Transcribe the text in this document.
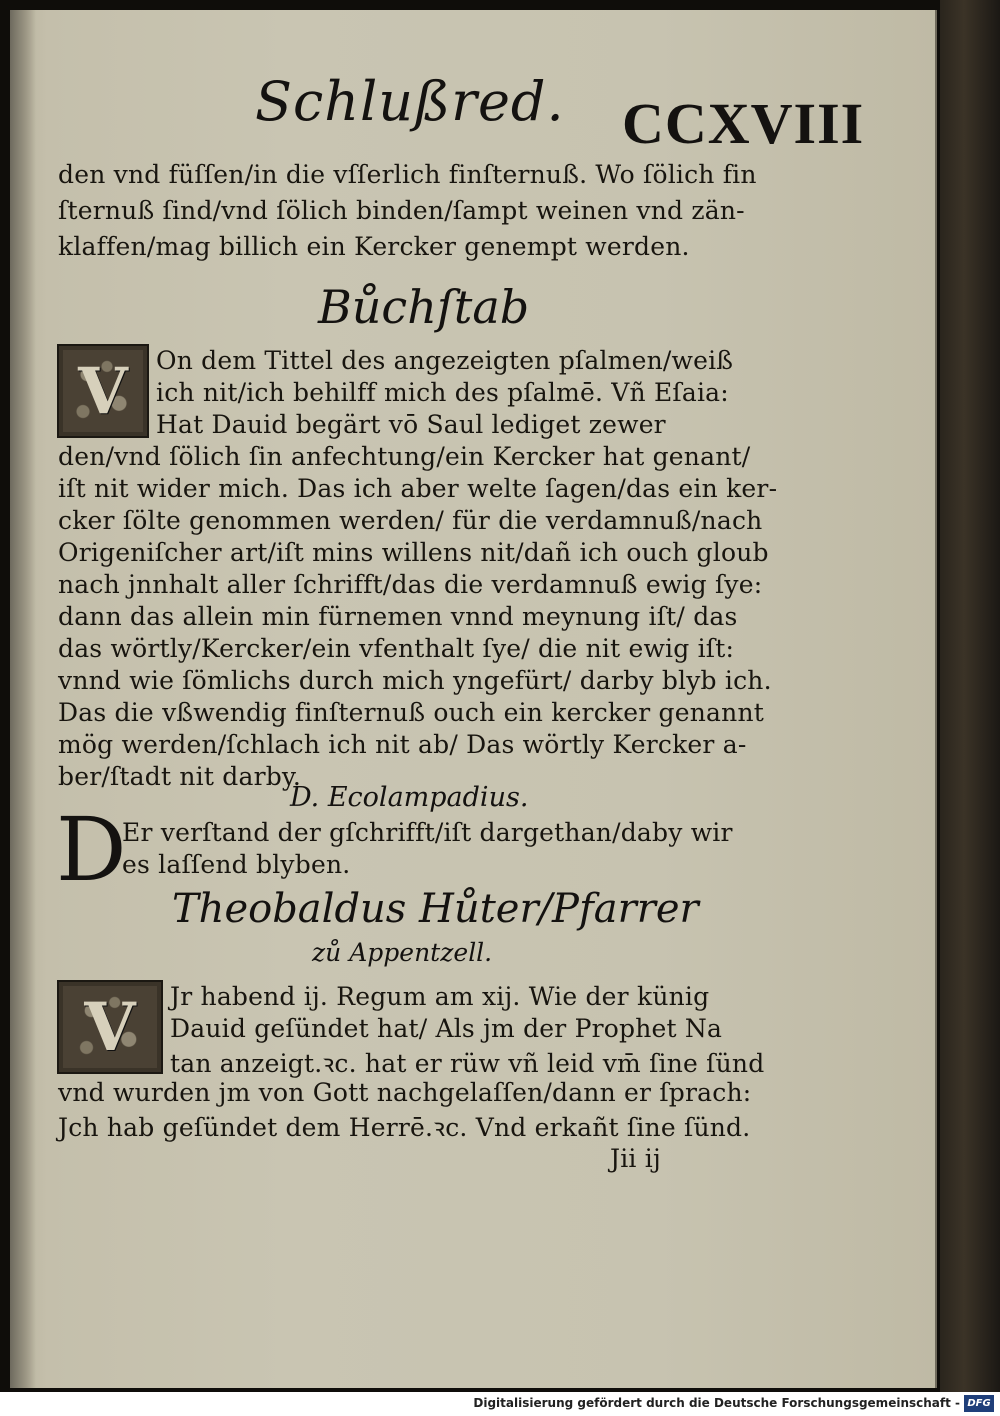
Schlußred. CCXVIII
den vnd füſſen/in die vſſerlich finſternuß. Wo ſölich fin
ſternuß ſind/vnd ſölich binden/ſampt weinen vnd zän-
klaffen/mag billich ein Kercker genempt werden.
Bůchſtab
V	On dem Tittel des angezeigten pſalmen/weiß
ich nit/ich behilff mich des pſalmē. Vñ Eſaia:
Hat Dauid begärt vō Saul lediget zewer
den/vnd ſölich ſin anfechtung/ein Kercker hat genant/
iſt nit wider mich. Das ich aber welte ſagen/das ein ker-
cker ſölte genommen werden/ für die verdamnuß/nach
Origeniſcher art/iſt mins willens nit/dañ ich ouch gloub
nach jnnhalt aller ſchrifft/das die verdamnuß ewig ſye:
dann das allein min fürnemen vnnd meynung iſt/ das
das wörtly/Kercker/ein vfenthalt ſye/ die nit ewig iſt:
vnnd wie ſömlichs durch mich yngefürt/ darby blyb ich.
Das die vßwendig finſternuß ouch ein kercker genannt
mög werden/ſchlach ich nit ab/ Das wörtly Kercker a-
ber/ſtadt nit darby.
D. Ecolampadius.
D
Er verſtand der gſchrifft/iſt dargethan/daby wir
es laſſend blyben.
Theobaldus Hůter/Pfarrer
zů Appentzell.
V	Jr habend ij. Regum am xij. Wie der künig
Dauid geſündet hat/ Als jm der Prophet Na
tan anzeigt.ꝛc. hat er rüw vñ leid vm̄ ſine ſünd
vnd wurden jm von Gott nachgelaſſen/dann er ſprach:
Jch hab geſündet dem Herrē.ꝛc. Vnd erkañt ſine ſünd.
Jii ij
Digitalisierung gefördert durch die Deutsche Forschungsgemeinschaft - DFG
